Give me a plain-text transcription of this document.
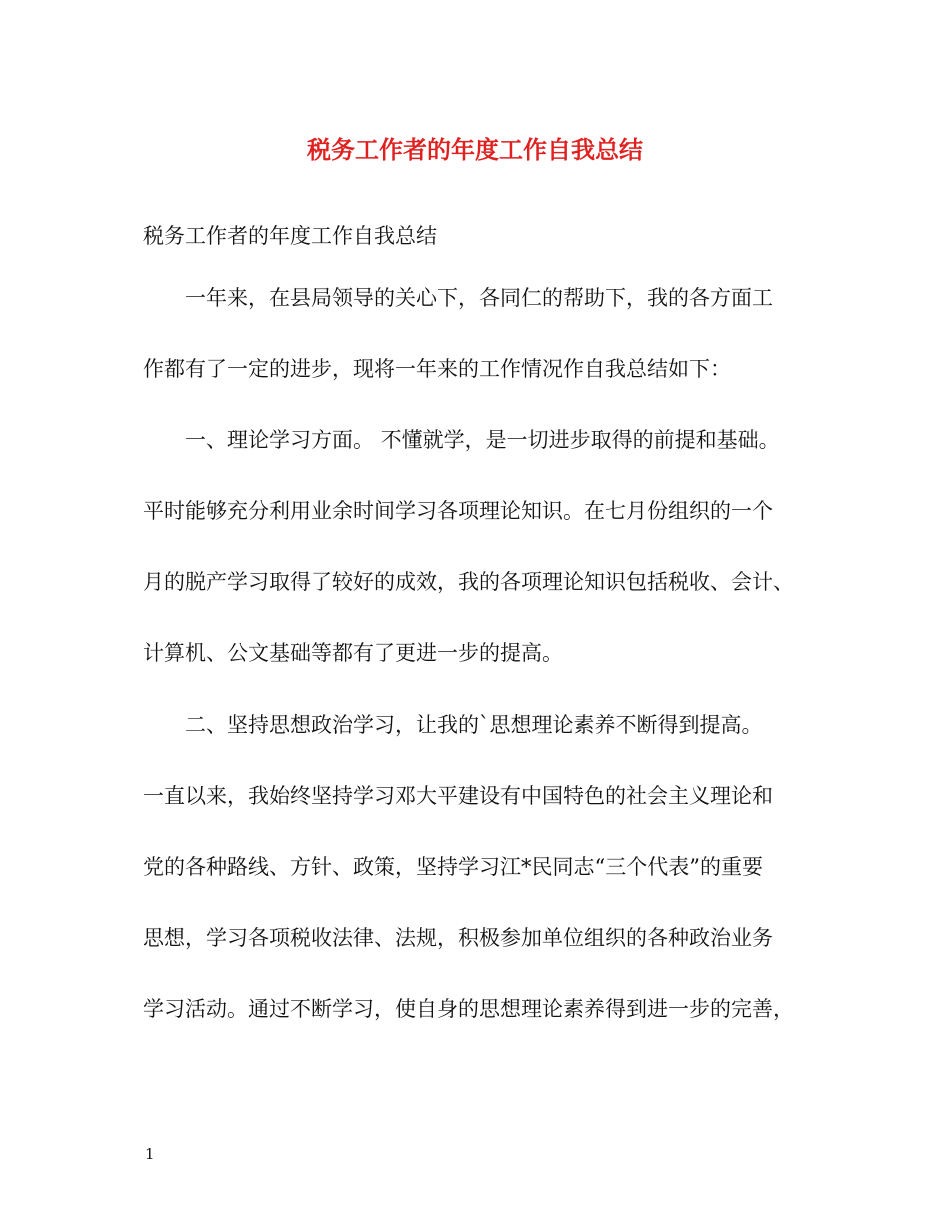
税务工作者的年度工作自我总结
税务工作者的年度工作自我总结
　　一年来，在县局领导的关心下，各同仁的帮助下，我的各方面工
作都有了一定的进步，现将一年来的工作情况作自我总结如下：
　　一、理论学习方面。 不懂就学，是一切进步取得的前提和基础。
平时能够充分利用业余时间学习各项理论知识。在七月份组织的一个
月的脱产学习取得了较好的成效，我的各项理论知识包括税收、会计、
计算机、公文基础等都有了更进一步的提高。
　　二、坚持思想政治学习，让我的`思想理论素养不断得到提高。
一直以来，我始终坚持学习邓大平建设有中国特色的社会主义理论和
党的各种路线、方针、政策，坚持学习江*民同志“三个代表”的重要
思想，学习各项税收法律、法规，积极参加单位组织的各种政治业务
学习活动。通过不断学习，使自身的思想理论素养得到进一步的完善，
1
